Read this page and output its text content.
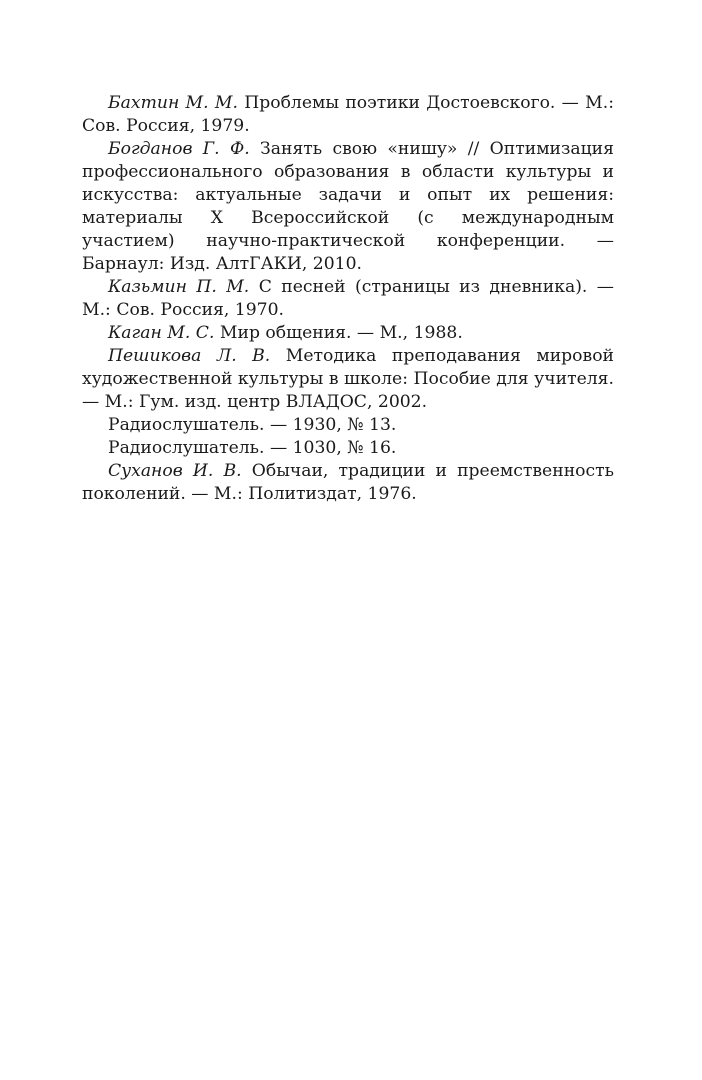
Бахтин М. М. Проблемы поэтики Достоевского. — М.: Сов. Россия, 1979.

Богданов Г. Ф. Занять свою «нишу» // Оптимизация профессионального образования в области культуры и искусства: актуальные задачи и опыт их решения: материалы X Всероссийской (с международным участием) научно-практической конференции. — Барнаул: Изд. АлтГАКИ, 2010.

Казьмин П. М. С песней (страницы из дневника). — М.: Сов. Россия, 1970.

Каган М. С. Мир общения. — М., 1988.

Пешикова Л. В. Методика преподавания мировой художественной культуры в школе: Пособие для учителя. — М.: Гум. изд. центр ВЛАДОС, 2002.

Радиослушатель. — 1930, № 13.

Радиослушатель. — 1030, № 16.

Суханов И. В. Обычаи, традиции и преемственность поколений. — М.: Политиздат, 1976.
